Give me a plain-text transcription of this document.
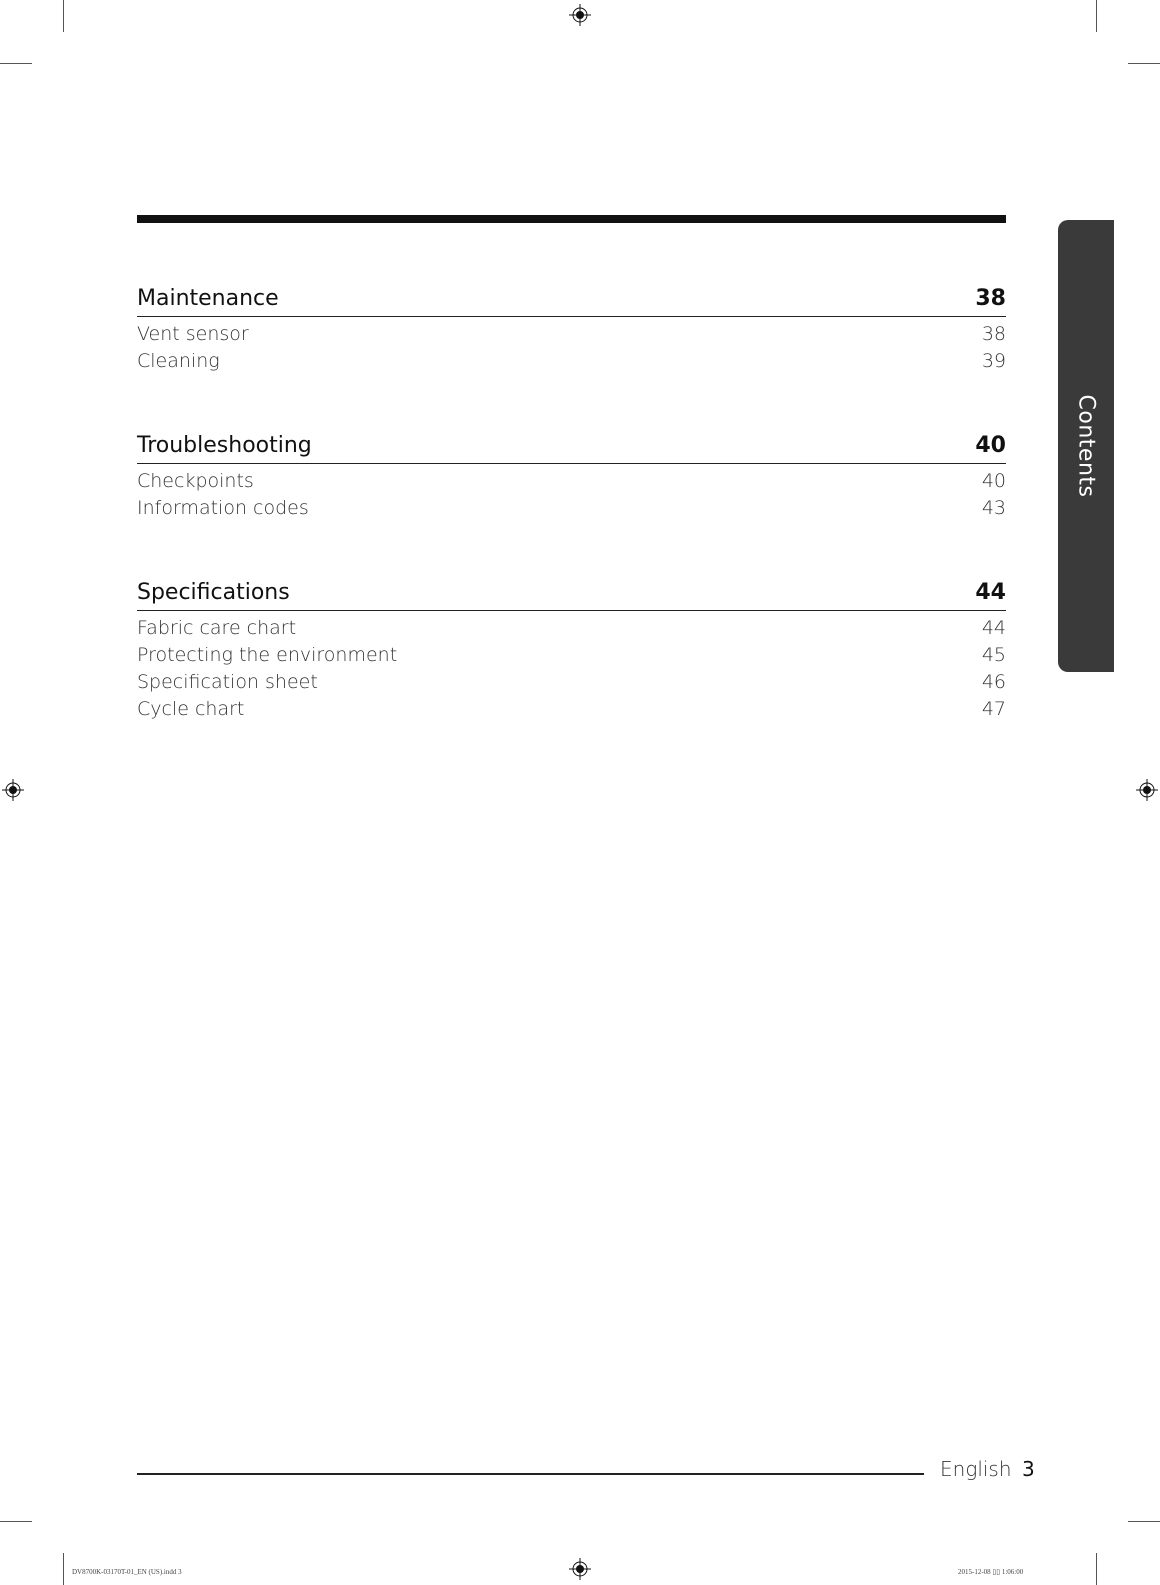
Maintenance	38
Vent sensor	38
Cleaning	39
Troubleshooting	40
Checkpoints	40
Information codes	43
Specifications	44
Fabric care chart	44
Protecting the environment	45
Specification sheet	46
Cycle chart	47
Contents
English 3
DV8700K-03170T-01_EN (US).indd 3	2015-12-08 ▯▯ 1:06:00
